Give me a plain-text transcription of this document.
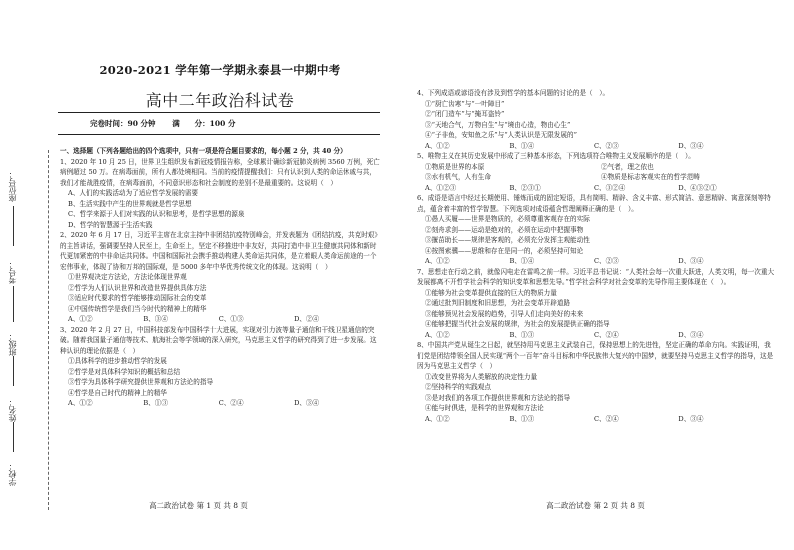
座位号：
考号：
班级：
姓名：
学校：
2020-2021 学年第一学期永泰县一中期中考
高中二年政治科试卷
完卷时间：90 分钟 满　　分：100 分

一、选择题（下列各题给出的四个选项中，只有一项是符合题目要求的，每小题 2 分，共 40 分）

1、2020 年 10 月 25 日，世界卫生组织发布新冠疫情报告称，全球累计确诊新冠肺炎病例 3560 万例，死亡病例超过 50 万。在病毒面前，所有人都处境相同。当前的疫情提醒我们：只有认识到人类的命运休戚与共，我们才能战胜疫情，在病毒面前，不同意识形态和社会制度的差别不是最重要的。这说明（　）

A、人们的实践活动为了适应哲学发展的需要

B、生活实践中产生的世界观就是哲学思想

C、哲学来源于人们对实践的认识和思考，是哲学思想的源泉

D、哲学的智慧源于生活实践

2、2020 年 6 月 17 日，习近平主席在北京主持中非团结抗疫特别峰会，并发表题为《团结抗疫，共克时艰》的主旨讲话，强调要坚持人民至上，生命至上，坚定不移推进中非友好，共同打造中非卫生健康共同体和新时代更加紧密的中非命运共同体。中国和国际社会携手推动构建人类命运共同体，是立着眼人类命运前途的一个宏伟事业，体现了协和万邦的国际观，是 5000 多年中华优秀传统文化的体现。这说明（　）

①世界观决定方法论，方法论体现世界观

②哲学为人们认识世界和改造世界提供具体方法

③适应时代要求的哲学能够推动国际社会的变革

④中国传统哲学是我们当今时代的精神上的精华

A、①②	B、③④	C、①③	D、②④

3、2020 年 2 月 27 日，中国科技部发布中国科学十大进展，实现对引力波等量子通信和干线卫星通信的突破。随着我国量子通信等技术、航海社会等学领域的深入研究，马克思主义哲学的研究得到了进一步发展。这种认识的理论依据是（　）

①具体科学的进步推动哲学的发展

②哲学是对具体科学知识的概括和总结

③哲学为具体科学研究提供世界观和方法论的指导

④哲学是自己时代的精神上的精华

A、①②	B、①③	C、②④	D、③④
高二政治试卷 第 1 页 共 8 页

4、下列成语或谚语没有涉及到哲学的基本问题的讨论的是（　）。

①“厨亡齿寒”与“一叶障目”

②“闭门造车”与“掩耳盗铃”

③“天地合气，万物自生”与“境由心造，物由心生”

④“子非鱼，安知鱼之乐”与“人类认识是无限发展的”

A、①②	B、①④	C、②③	D、③④

5、唯物主义在其历史发展中形成了三种基本形态，下列选项符合唯物主义发展顺序的是（　）。

①物质是世界的本原	②气者，理之依也
③水有机气，人有生命	④物质是标志客观实在的哲学范畴
A、①②③	B、②③①	C、③②④	D、④③②①

6、成语是语言中经过长期使用、锤炼而成的固定短语，具有简明、精辟、含义丰富、形式简洁、意思精辟、寓意深刻等特点，蕴含着丰富的哲学智慧。下列选项对成语蕴含哲理阐释正确的是（　）。

①愚人买履——世界是物质的，必须尊重客观存在的实际

②刻舟求剑——运动是绝对的，必须在运动中把握事物

③揠苗助长——规律是客观的，必须充分发挥主观能动性

④按图索骥——思维和存在是同一的，必须坚持可知论

A、①②	B、①④	C、②③	D、③④

7、思想走在行动之前，就像闪电走在雷鸣之前一样。习近平总书记说：“人类社会每一次重大跃进，人类文明，每一次重大发展都离不开哲学社会科学的知识变革和思想先导。”哲学社会科学对社会变革的先导作用主要体现在（　）。

①能够为社会变革提供直接的巨大的物质力量

②通过批判旧制度和旧思想，为社会变革开辟道路

③能够预见社会发展的趋势，引导人们走向美好的未来

④能够把握当代社会发展的规律，为社会的发展提供正确的指导

A、①②	B、①③	C、②④	D、③④

8、中国共产党从诞生之日起，就坚持用马克思主义武装自己，保持思想上的先进性，坚定正确的革命方向。实践证明，我们党是团结带领全国人民实现“两个一百年”奋斗目标和中华民族伟大复兴的中国梦，就要坚持马克思主义哲学的指导，这是因为马克思主义哲学（　）

①改变世界将为人类解放的决定性力量

②坚持科学的实践观点

③是对我们的各项工作提供世界观和方法论的指导

④能与时俱进，是科学的世界观和方法论

A、①②	B、①③	C、②④	D、③④
高二政治试卷 第 2 页 共 8 页
